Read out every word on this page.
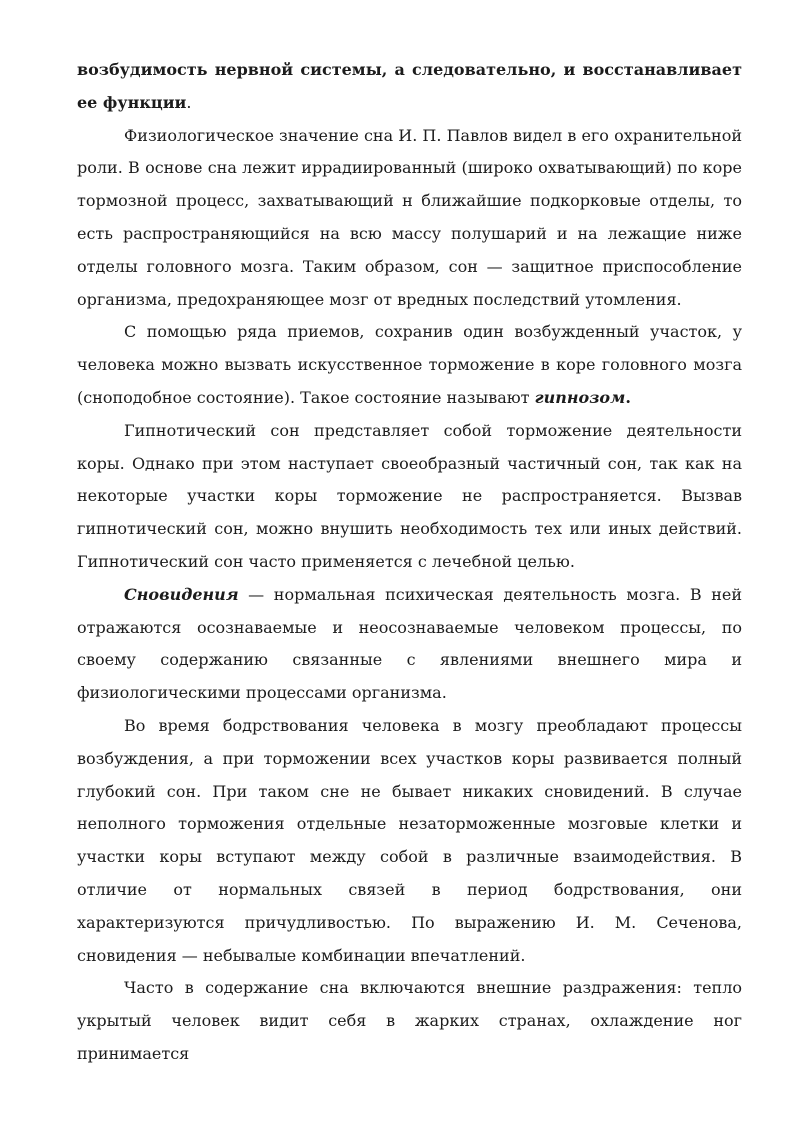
возбудимость нервной системы, а следовательно, и восстанавливает ее функции.

Физиологическое значение сна И. П. Павлов видел в его охранительной роли. В основе сна лежит иррадиированный (широко охватывающий) по коре тормозной процесс, захватывающий н ближайшие подкорковые отделы, то есть распространяющийся на всю массу полушарий и на лежащие ниже отделы головного мозга. Таким образом, сон — защитное приспособление организма, предохраняющее мозг от вредных последствий утомления.

С помощью ряда приемов, сохранив один возбужденный участок, у человека можно вызвать искусственное торможение в коре головного мозга (сноподобное состояние). Такое состояние называют гипнозом.

Гипнотический сон представляет собой торможение деятельности коры. Однако при этом наступает своеобразный частичный сон, так как на некоторые участки коры торможение не распространяется. Вызвав гипнотический сон, можно внушить необходимость тех или иных действий. Гипнотический сон часто применяется с лечебной целью.

Сновидения — нормальная психическая деятельность мозга. В ней отражаются осознаваемые и неосознаваемые человеком процессы, по своему содержанию связанные с явлениями внешнего мира и физиологическими процессами организма.

Во время бодрствования человека в мозгу преобладают процессы возбуждения, а при торможении всех участков коры развивается полный глубокий сон. При таком сне не бывает никаких сновидений. В случае неполного торможения отдельные незаторможенные мозговые клетки и участки коры вступают между собой в различные взаимодействия. В отличие от нормальных связей в период бодрствования, они характеризуются причудливостью. По выражению И. М. Сеченова, сновидения — небывалые комбинации впечатлений.

Часто в содержание сна включаются внешние раздражения: тепло укрытый человек видит себя в жарких странах, охлаждение ног принимается
